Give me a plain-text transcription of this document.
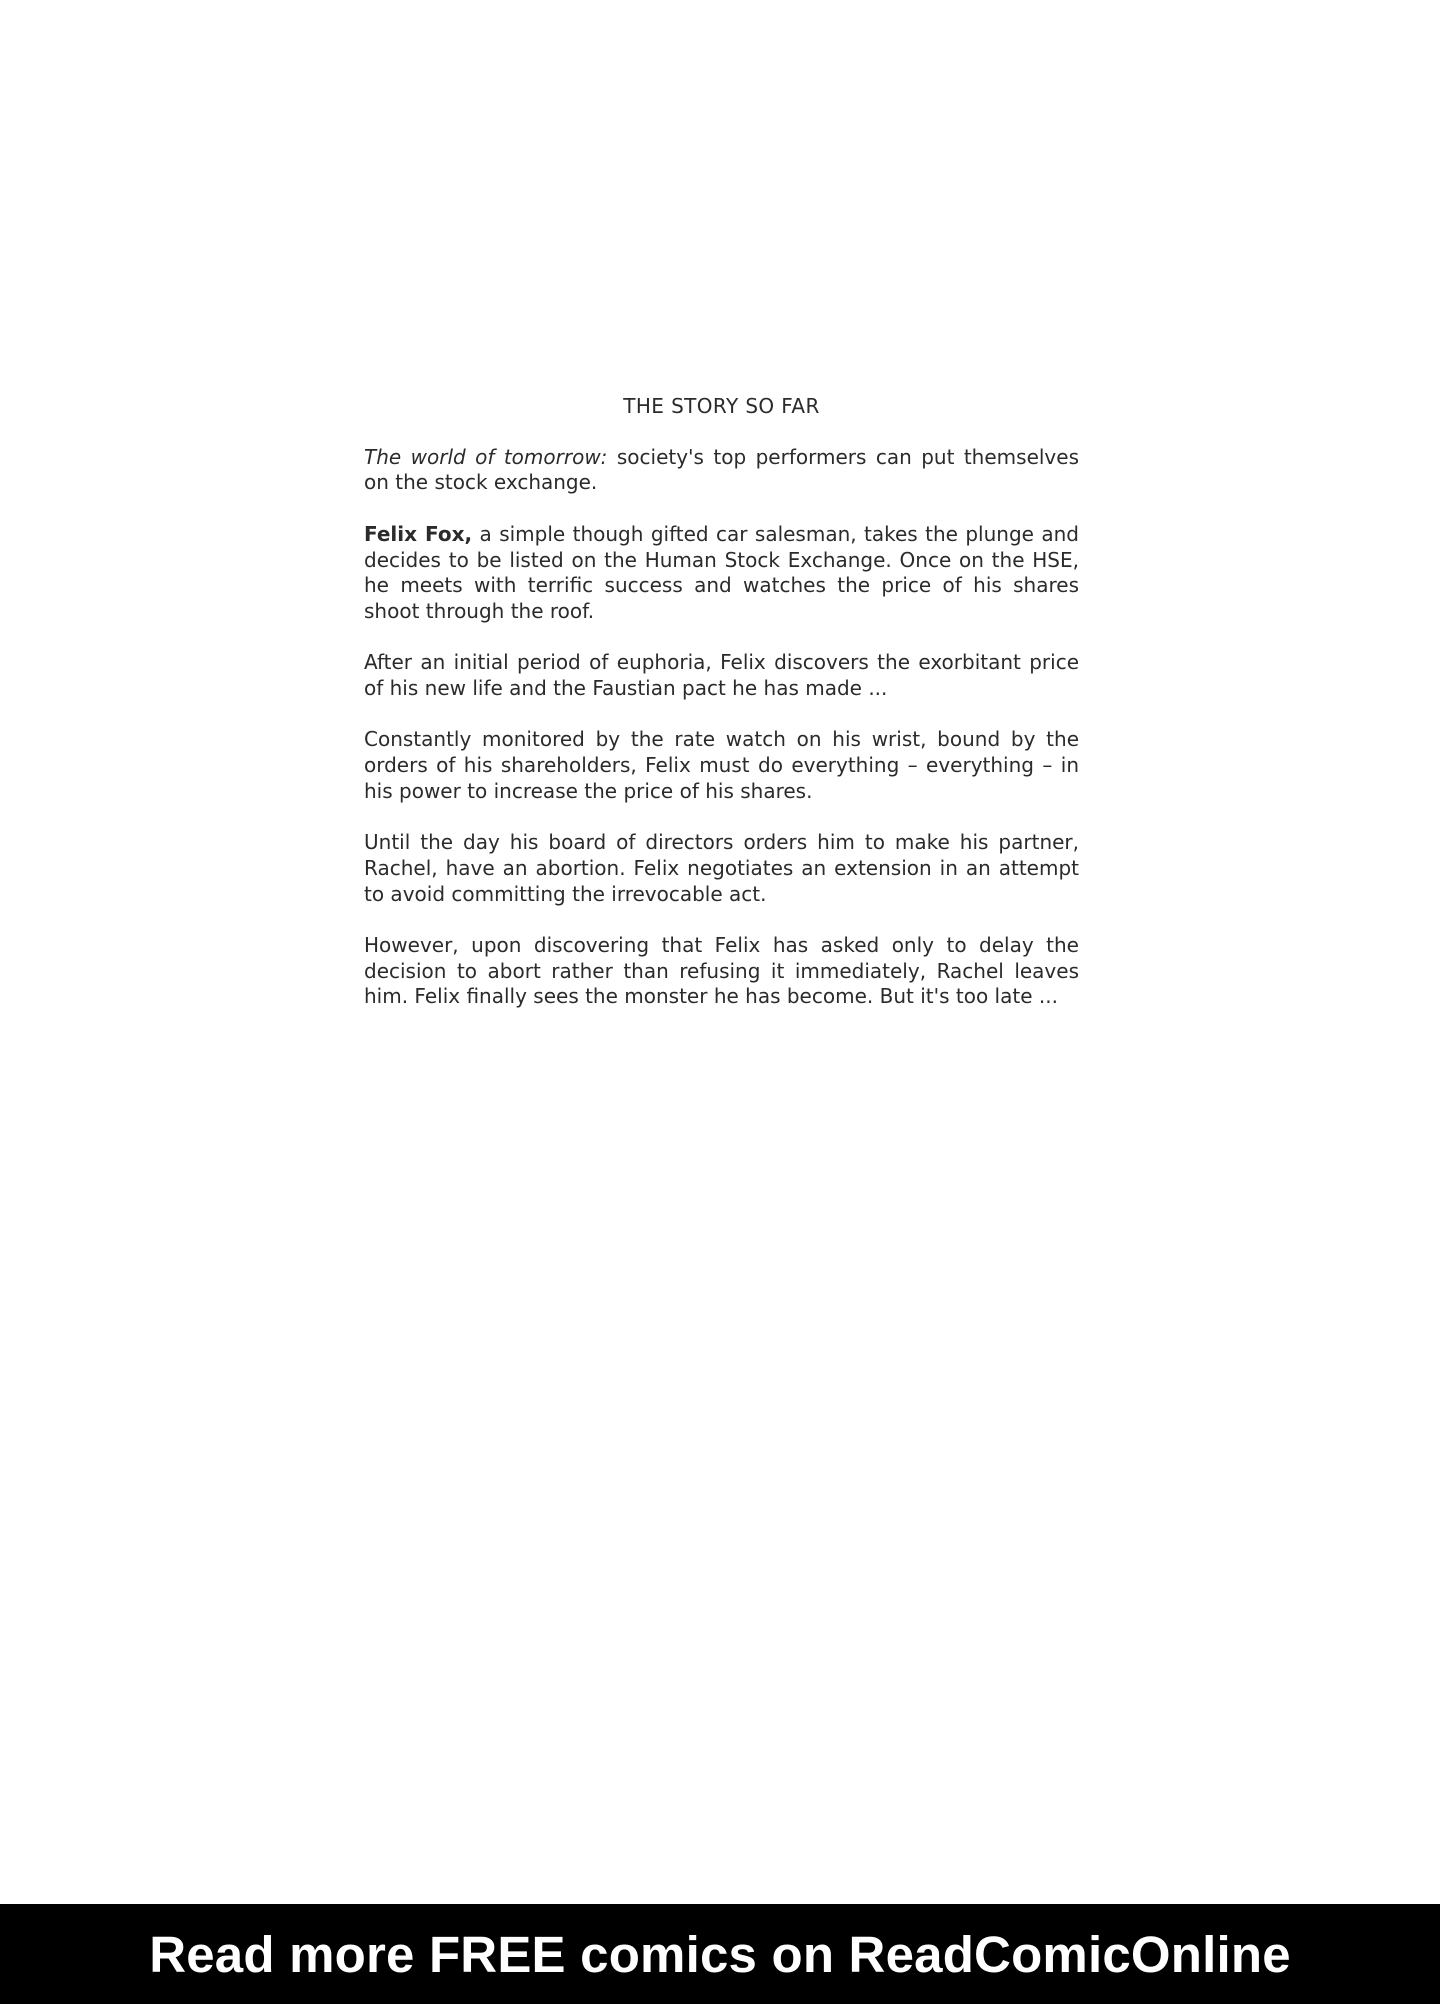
THE STORY SO FAR

The world of tomorrow: society's top performers can put themselves on the stock exchange.

Felix Fox, a simple though gifted car salesman, takes the plunge and decides to be listed on the Human Stock Exchange. Once on the HSE, he meets with terrific success and watches the price of his shares shoot through the roof.

After an initial period of euphoria, Felix discovers the exorbitant price of his new life and the Faustian pact he has made ...

Constantly monitored by the rate watch on his wrist, bound by the orders of his shareholders, Felix must do everything – everything – in his power to increase the price of his shares.

Until the day his board of directors orders him to make his partner, Rachel, have an abortion. Felix negotiates an extension in an attempt to avoid committing the irrevocable act.

However, upon discovering that Felix has asked only to delay the decision to abort rather than refusing it immediately, Rachel leaves him. Felix finally sees the monster he has become. But it's too late ...

Read more FREE comics on ReadComicOnline
